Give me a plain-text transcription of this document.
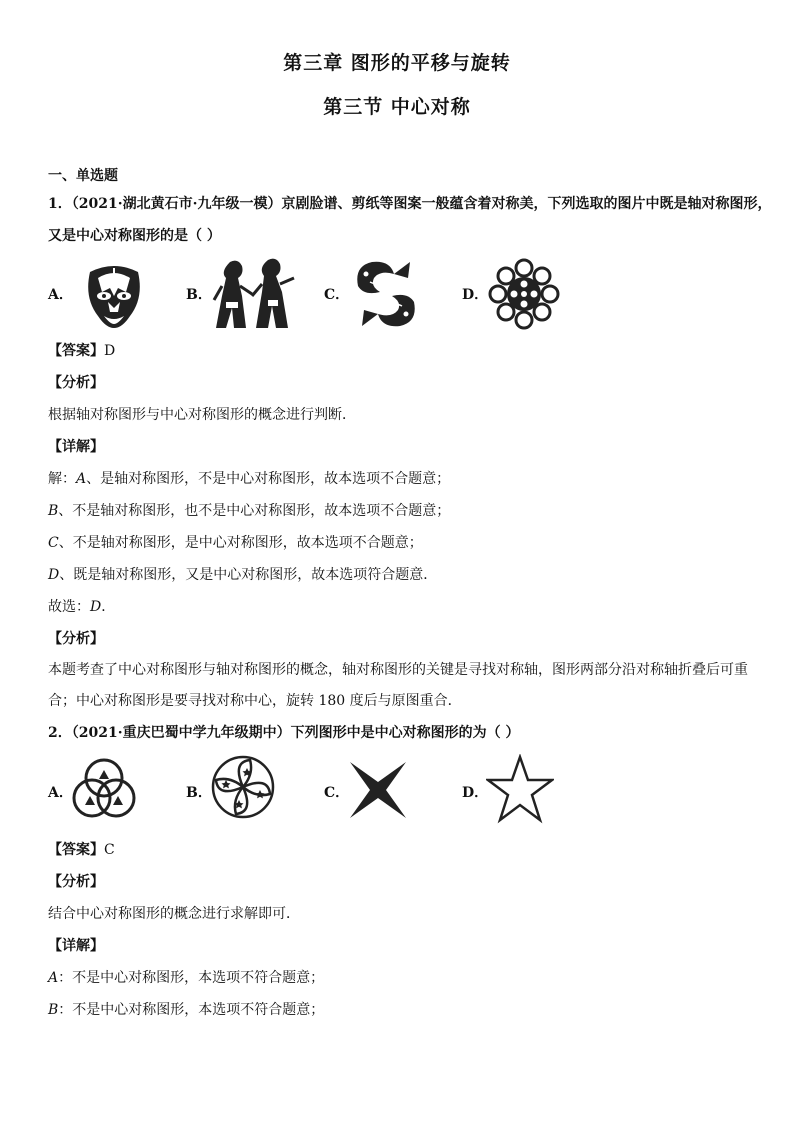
第三章 图形的平移与旋转
第三节 中心对称
一、单选题
1．（2021·湖北黄石市·九年级一模）京剧脸谱、剪纸等图案一般蕴含着对称美，下列选取的图片中既是轴对称图形，
又是中心对称图形的是（ ）
A．	B．	C．	D．
【答案】D
【分析】
根据轴对称图形与中心对称图形的概念进行判断．
【详解】
解：A、是轴对称图形，不是中心对称图形，故本选项不合题意；
B、不是轴对称图形，也不是中心对称图形，故本选项不合题意；
C、不是轴对称图形，是中心对称图形，故本选项不合题意；
D、既是轴对称图形，又是中心对称图形，故本选项符合题意．
故选：D．
【分析】
本题考查了中心对称图形与轴对称图形的概念，轴对称图形的关键是寻找对称轴，图形两部分沿对称轴折叠后可重合；中心对称图形是要寻找对称中心，旋转 180 度后与原图重合．
2．（2021·重庆巴蜀中学九年级期中）下列图形中是中心对称图形的为（ ）
A．	B．	C．	D．
【答案】C
【分析】
结合中心对称图形的概念进行求解即可．
【详解】
A：不是中心对称图形，本选项不符合题意；
B：不是中心对称图形，本选项不符合题意；
